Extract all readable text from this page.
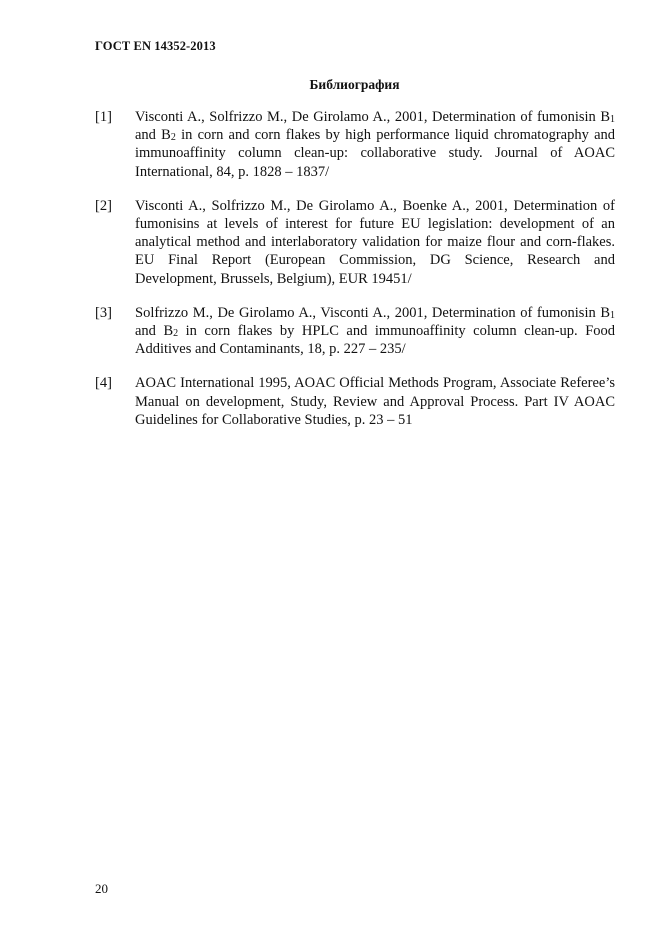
ГОСТ EN 14352-2013
Библиография
[1] Visconti A., Solfrizzo M., De Girolamo A., 2001, Determination of fumonisin $B_1$ and $B_2$ in corn and corn flakes by high performance liquid chromatography and immunoaffinity column clean-up: collaborative study. Journal of AOAC International, 84, p. 1828 – 1837/
[2] Visconti A., Solfrizzo M., De Girolamo A., Boenke A., 2001, Determination of fumonisins at levels of interest for future EU legislation: development of an analytical method and interlaboratory validation for maize flour and corn-flakes. EU Final Report (European Commission, DG Science, Research and Development, Brussels, Belgium), EUR 19451/
[3] Solfrizzo M., De Girolamo A., Visconti A., 2001, Determination of fumonisin $B_1$ and $B_2$ in corn flakes by HPLC and immunoaffinity column clean-up. Food Additives and Contaminants, 18, p. 227 – 235/
[4] AOAC International 1995, AOAC Official Methods Program, Associate Referee’s Manual on development, Study, Review and Approval Process. Part IV AOAC Guidelines for Collaborative Studies, p. 23 – 51
20
